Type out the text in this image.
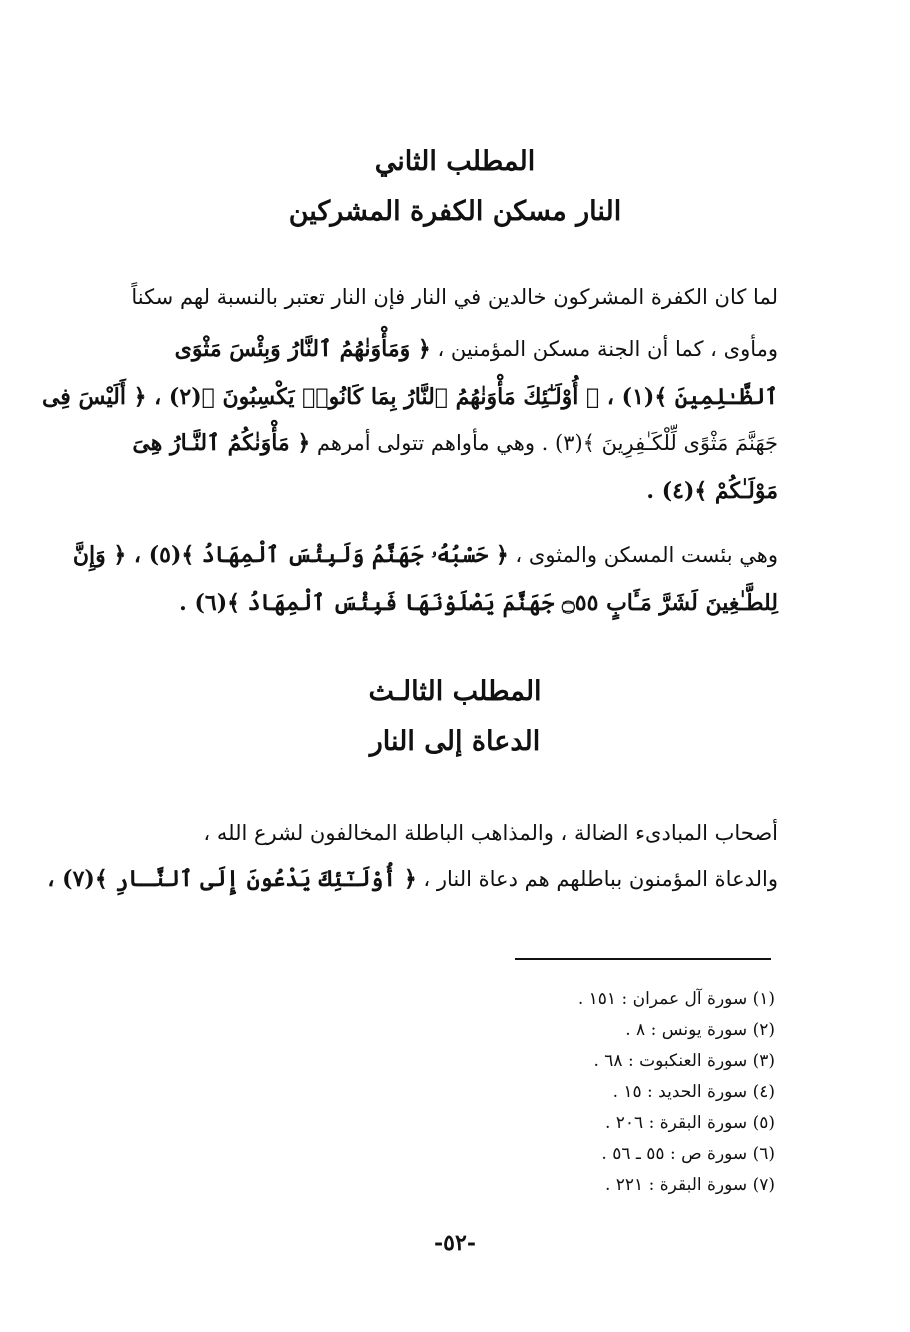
المطلب الثاني
النار مسكن الكفرة المشركين
لما كان الكفرة المشركون خالدين في النار فإن النار تعتبر بالنسبة لهم سكناً
ومأوى ، كما أن الجنة مسكن المؤمنين ، ﴿ وَمَأْوَنٰهُمُ ٱلنَّارُ وَبِئْسَ مَثْوَى
ٱلظَّـٰلِمِينَ ﴾(١) ، ﴿ أُوْلَـٰٓئِكَ مَأْوَنٰهُمُ ٱلنَّارُ بِمَا كَانُوا۟ يَكْسِبُونَ ﴾(٢) ، ﴿ أَلَيْسَ فِى
جَهَنَّمَ مَثْوًى لِّلْكَـٰفِرِينَ ﴾(٣) . وهي مأواهم تتولى أمرهم ﴿ مَأْوَنٰكُمُ ٱلنَّـارُ هِىَ
مَوْلَـٰكُمْ ﴾(٤) .
وهي بئست المسكن والمثوى ، ﴿ حَسْبُهُۥ جَهَنَّمُ وَلَبِئْسَ ٱلْمِهَادُ ﴾(٥) ، ﴿ وَإِنَّ
لِلطَّـٰغِينَ لَشَرَّ مَـَٔابٍ ۝٥٥ جَهَنَّمَ يَصْلَوْنَهَا فَبِئْسَ ٱلْمِهَادُ ﴾(٦) .
المطلب الثالـث
الدعاة إلى النار
أصحاب المبادىء الضالة ، والمذاهب الباطلة المخالفون لشرع الله ،
والدعاة المؤمنون بباطلهم هم دعاة النار ، ﴿ أُوْلَـٰٓئِكَ يَدْعُونَ إِلَى ٱلنَّـارِ ﴾(٧) ،
(١) سورة آل عمران : ١٥١ .
(٢) سورة يونس : ٨ .
(٣) سورة العنكبوت : ٦٨ .
(٤) سورة الحديد : ١٥ .
(٥) سورة البقرة : ٢٠٦ .
(٦) سورة ص : ٥٥ ـ ٥٦ .
(٧) سورة البقرة : ٢٢١ .
-٥٢-
